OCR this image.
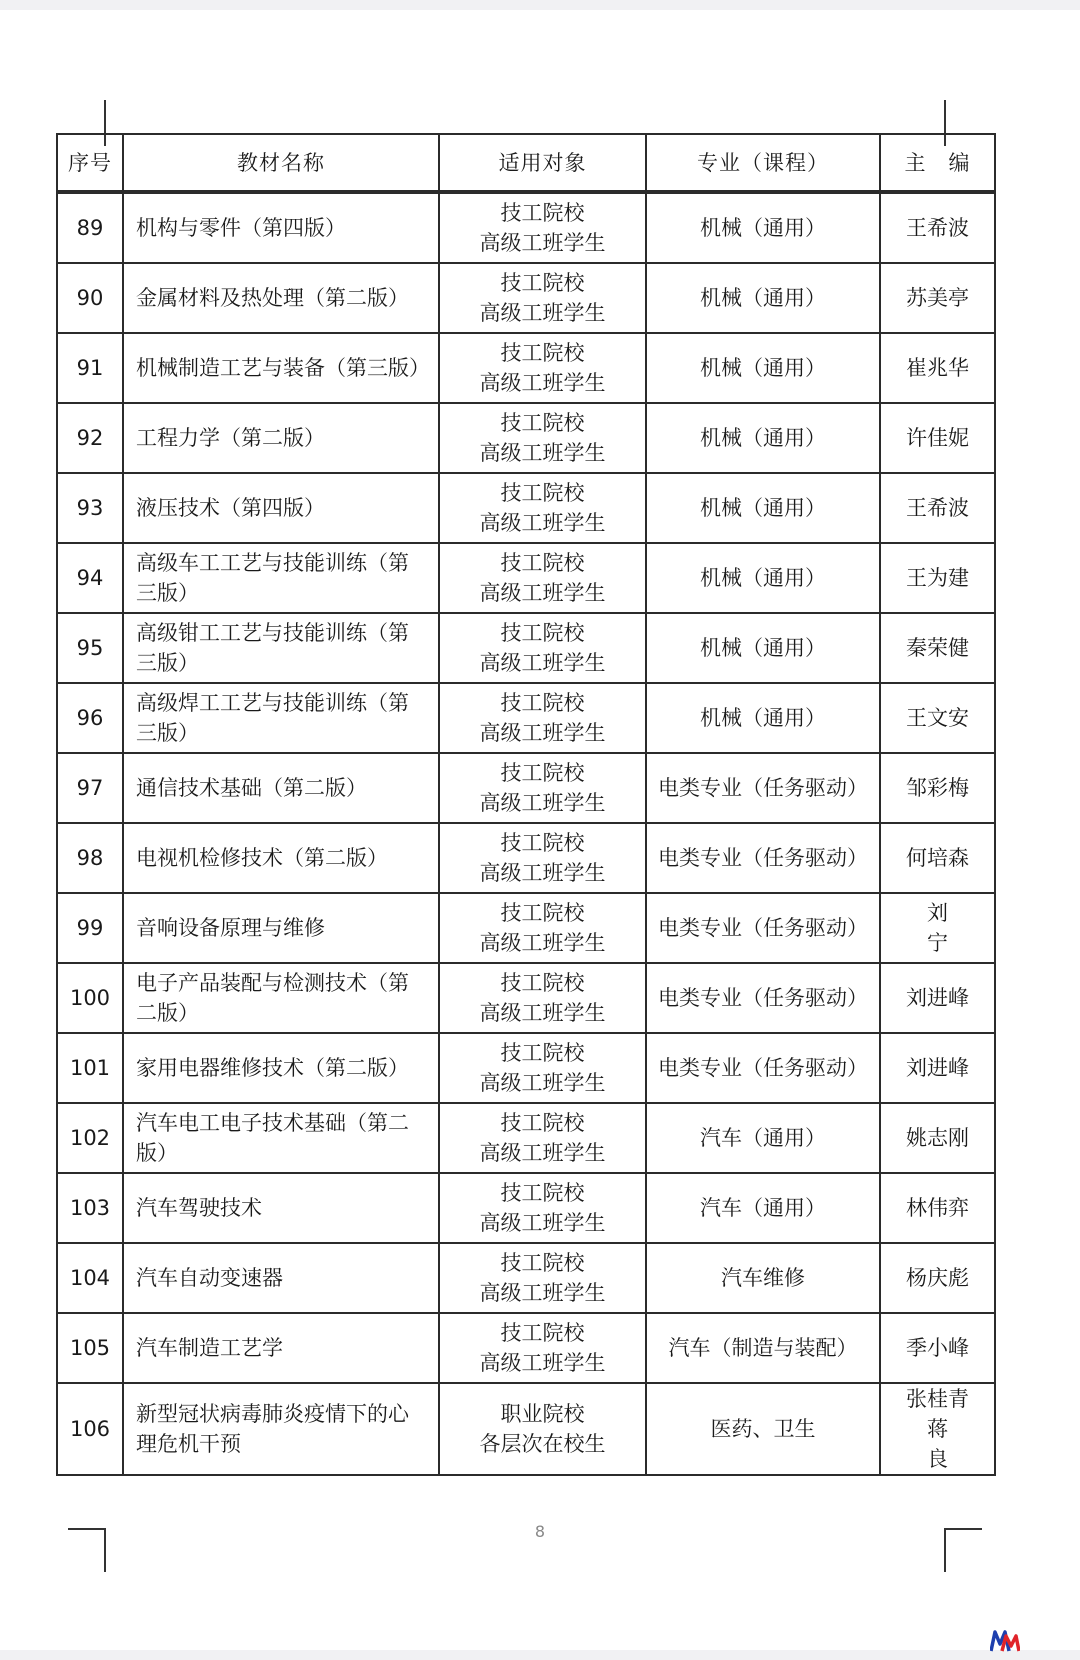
8
序号	教材名称	适用对象	专业（课程）	主　编
89	机构与零件（第四版）	技工院校
高级工班学生	机械（通用）	王希波

90	金属材料及热处理（第二版）	技工院校
高级工班学生	机械（通用）	苏美亭

91	机械制造工艺与装备（第三版）	技工院校
高级工班学生	机械（通用）	崔兆华

92	工程力学（第二版）	技工院校
高级工班学生	机械（通用）	许佳妮

93	液压技术（第四版）	技工院校
高级工班学生	机械（通用）	王希波

94	高级车工工艺与技能训练（第三版）	技工院校
高级工班学生	机械（通用）	王为建

95	高级钳工工艺与技能训练（第三版）	技工院校
高级工班学生	机械（通用）	秦荣健

96	高级焊工工艺与技能训练（第三版）	技工院校
高级工班学生	机械（通用）	王文安

97	通信技术基础（第二版）	技工院校
高级工班学生	电类专业（任务驱动）	邹彩梅

98	电视机检修技术（第二版）	技工院校
高级工班学生	电类专业（任务驱动）	何培森

99	音响设备原理与维修	技工院校
高级工班学生	电类专业（任务驱动）	刘宁

100	电子产品装配与检测技术（第二版）	技工院校
高级工班学生	电类专业（任务驱动）	刘进峰

101	家用电器维修技术（第二版）	技工院校
高级工班学生	电类专业（任务驱动）	刘进峰

102	汽车电工电子技术基础（第二版）	技工院校
高级工班学生	汽车（通用）	姚志刚

103	汽车驾驶技术	技工院校
高级工班学生	汽车（通用）	林伟弈

104	汽车自动变速器	技工院校
高级工班学生	汽车维修	杨庆彪

105	汽车制造工艺学	技工院校
高级工班学生	汽车（制造与装配）	季小峰

106	新型冠状病毒肺炎疫情下的心理危机干预	职业院校
各层次在校生	医药、卫生	张桂青
蒋良
